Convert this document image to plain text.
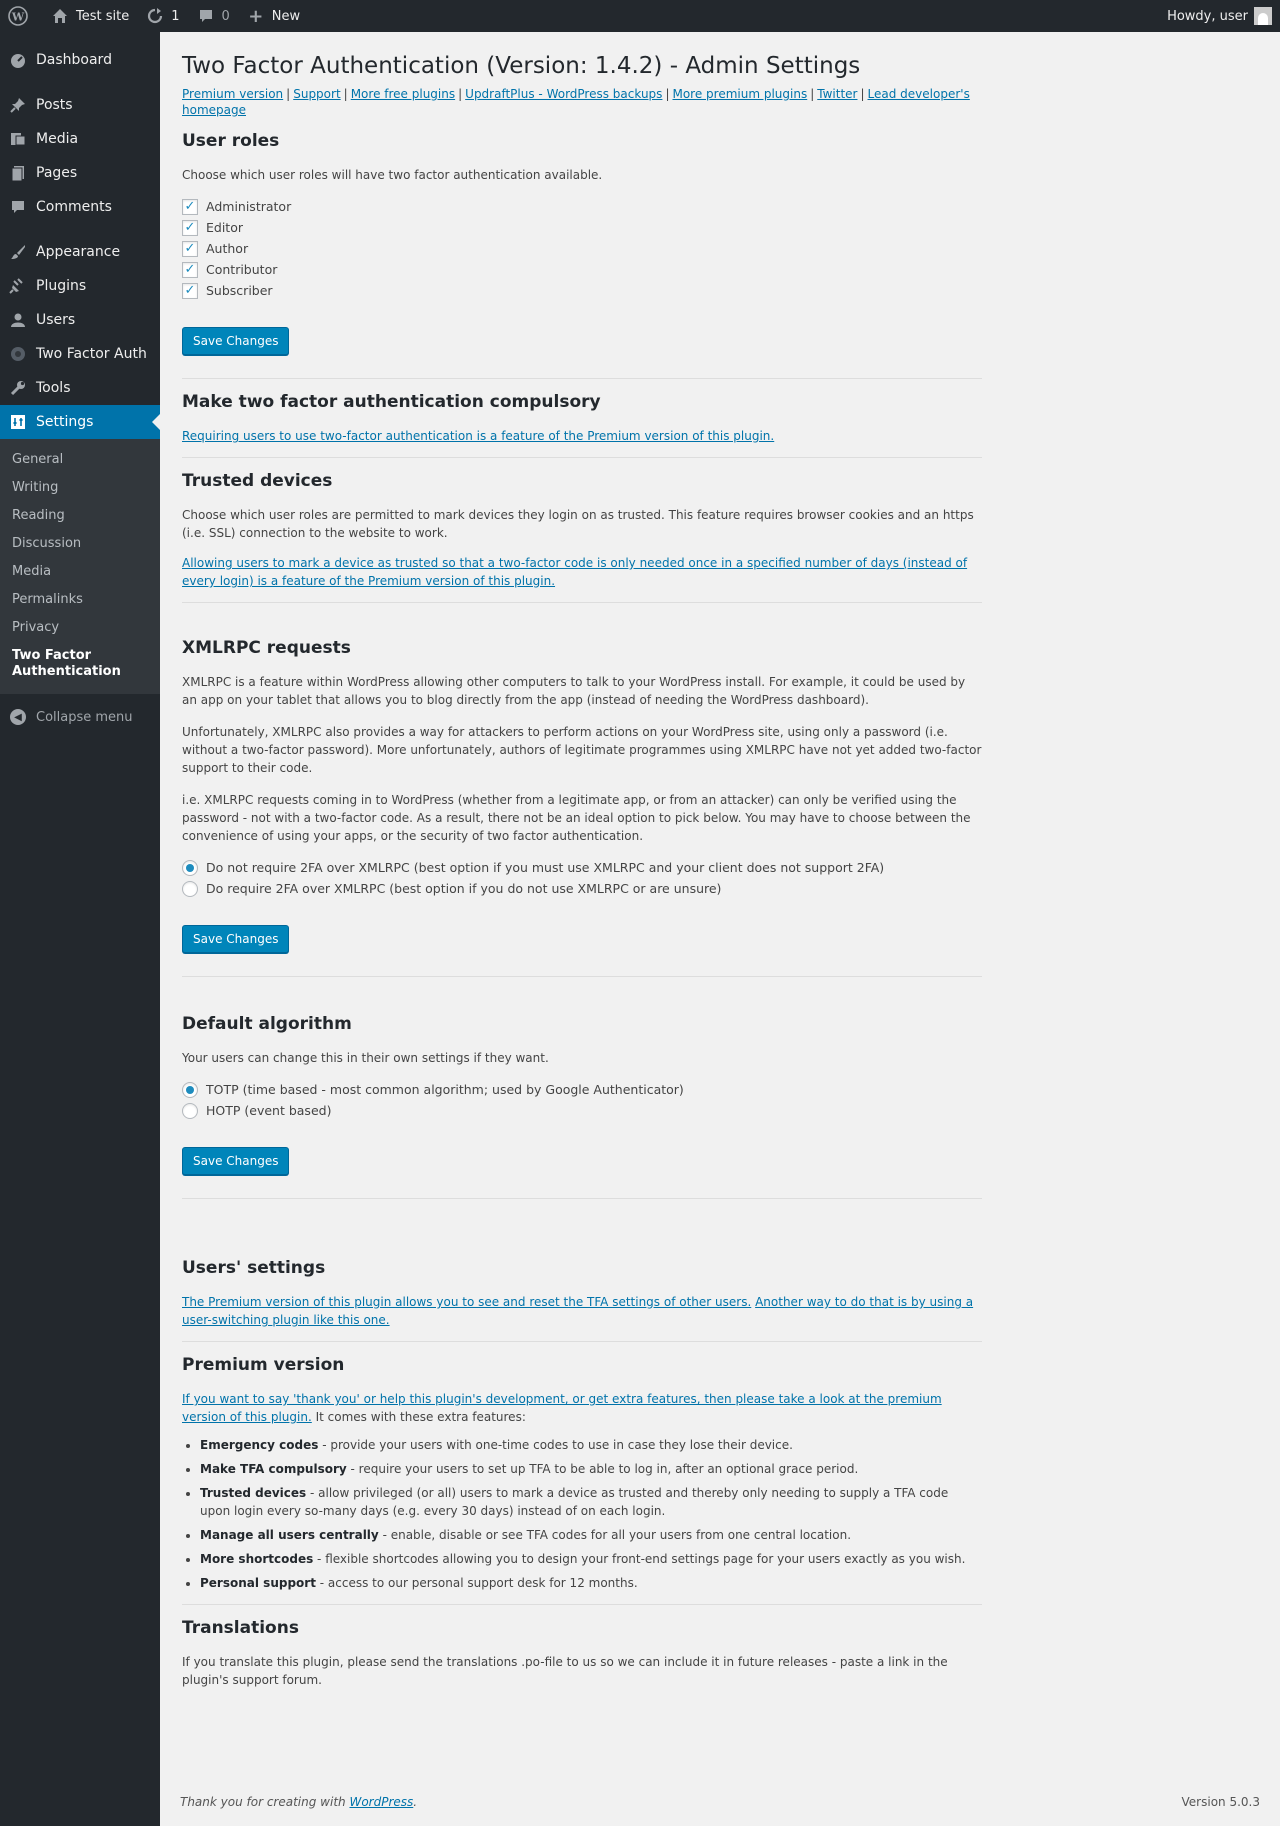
W	Test site	1	0 + New	Howdy, user
Dashboard
Posts
Media
Pages
Comments
Appearance
Plugins
Users
Two Factor Auth
Tools
Settings
General
Writing
Reading
Discussion
Media
Permalinks
Privacy
Two Factor Authentication
◀	Collapse menu
Two Factor Authentication (Version: 1.4.2) - Admin Settings
Premium version | Support | More free plugins | UpdraftPlus - WordPress backups | More premium plugins | Twitter | Lead developer's homepage
User roles

Choose which user roles will have two factor authentication available.

✓ Administrator
✓ Editor
✓ Author
✓ Contributor
✓ Subscriber
Save Changes
Make two factor authentication compulsory

Requiring users to use two-factor authentication is a feature of the Premium version of this plugin.

Trusted devices

Choose which user roles are permitted to mark devices they login on as trusted. This feature requires browser cookies and an https (i.e. SSL) connection to the website to work.

Allowing users to mark a device as trusted so that a two-factor code is only needed once in a specified number of days (instead of every login) is a feature of the Premium version of this plugin.

XMLRPC requests

XMLRPC is a feature within WordPress allowing other computers to talk to your WordPress install. For example, it could be used by an app on your tablet that allows you to blog directly from the app (instead of needing the WordPress dashboard).

Unfortunately, XMLRPC also provides a way for attackers to perform actions on your WordPress site, using only a password (i.e. without a two-factor password). More unfortunately, authors of legitimate programmes using XMLRPC have not yet added two-factor support to their code.

i.e. XMLRPC requests coming in to WordPress (whether from a legitimate app, or from an attacker) can only be verified using the password - not with a two-factor code. As a result, there not be an ideal option to pick below. You may have to choose between the convenience of using your apps, or the security of two factor authentication.

Do not require 2FA over XMLRPC (best option if you must use XMLRPC and your client does not support 2FA)
Do require 2FA over XMLRPC (best option if you do not use XMLRPC or are unsure)
Save Changes
Default algorithm

Your users can change this in their own settings if they want.

TOTP (time based - most common algorithm; used by Google Authenticator)
HOTP (event based)
Save Changes
Users' settings

The Premium version of this plugin allows you to see and reset the TFA settings of other users. Another way to do that is by using a user-switching plugin like this one.

Premium version

If you want to say 'thank you' or help this plugin's development, or get extra features, then please take a look at the premium version of this plugin. It comes with these extra features:

• Emergency codes - provide your users with one-time codes to use in case they lose their device.
• Make TFA compulsory - require your users to set up TFA to be able to log in, after an optional grace period.
• Trusted devices - allow privileged (or all) users to mark a device as trusted and thereby only needing to supply a TFA code upon login every so-many days (e.g. every 30 days) instead of on each login.
• Manage all users centrally - enable, disable or see TFA codes for all your users from one central location.
• More shortcodes - flexible shortcodes allowing you to design your front-end settings page for your users exactly as you wish.
• Personal support - access to our personal support desk for 12 months.
Translations

If you translate this plugin, please send the translations .po-file to us so we can include it in future releases - paste a link in the plugin's support forum.

Thank you for creating with WordPress.	Version 5.0.3
